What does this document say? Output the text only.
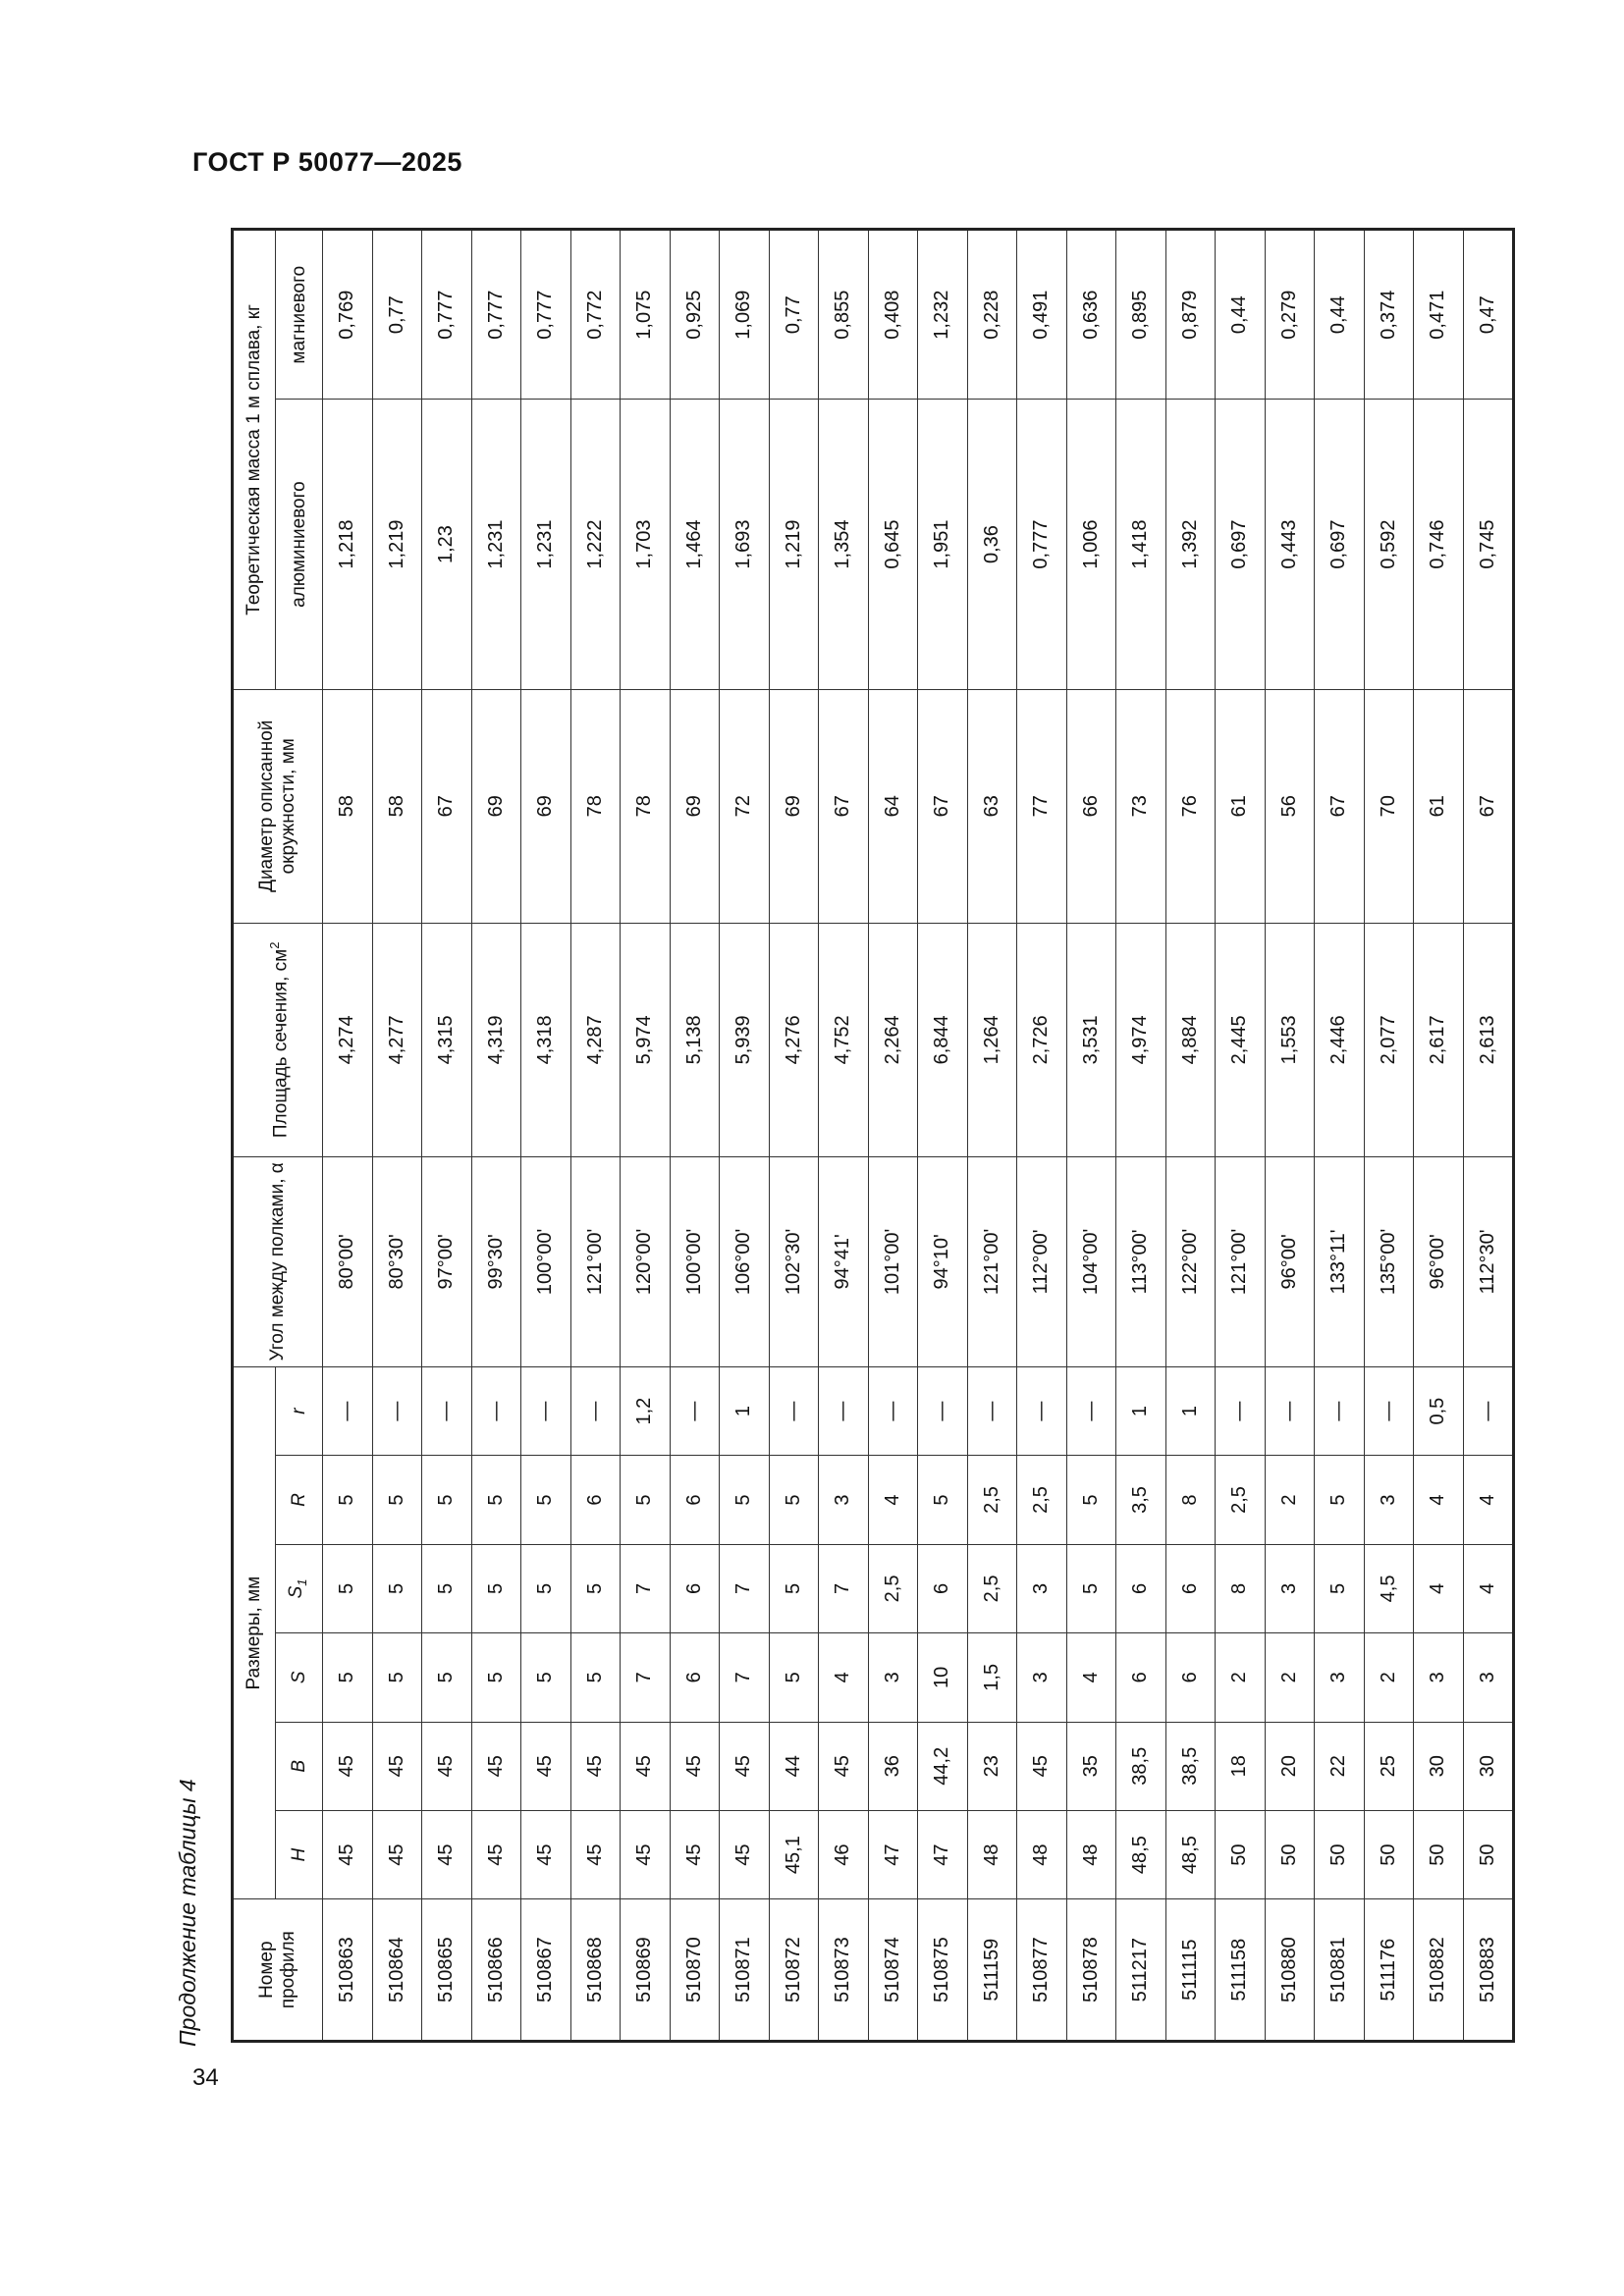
ГОСТ Р 50077—2025
Продолжение таблицы 4	Номер профиля	Размеры, мм						Угол между полками, α	Площадь сечения, $см^2$	Диаметр описанной окружности, мм	Теоретическая масса 1 м сплава, кг	
	H	B	S	$S_1$	R	r				алюминиевого	магниевого
510863	45	45	5	5	5	—	80°00'	4,274	58	1,218	0,769
510864	45	45	5	5	5	—	80°30'	4,277	58	1,219	0,77
510865	45	45	5	5	5	—	97°00'	4,315	67	1,23	0,777
510866	45	45	5	5	5	—	99°30'	4,319	69	1,231	0,777
510867	45	45	5	5	5	—	100°00'	4,318	69	1,231	0,777
510868	45	45	5	5	6	—	121°00'	4,287	78	1,222	0,772
510869	45	45	7	7	5	1,2	120°00'	5,974	78	1,703	1,075
510870	45	45	6	6	6	—	100°00'	5,138	69	1,464	0,925
510871	45	45	7	7	5	1	106°00'	5,939	72	1,693	1,069
510872	45,1	44	5	5	5	—	102°30'	4,276	69	1,219	0,77
510873	46	45	4	7	3	—	94°41'	4,752	67	1,354	0,855
510874	47	36	3	2,5	4	—	101°00'	2,264	64	0,645	0,408
510875	47	44,2	10	6	5	—	94°10'	6,844	67	1,951	1,232
511159	48	23	1,5	2,5	2,5	—	121°00'	1,264	63	0,36	0,228
510877	48	45	3	3	2,5	—	112°00'	2,726	77	0,777	0,491
510878	48	35	4	5	5	—	104°00'	3,531	66	1,006	0,636
511217	48,5	38,5	6	6	3,5	1	113°00'	4,974	73	1,418	0,895
511115	48,5	38,5	6	6	8	1	122°00'	4,884	76	1,392	0,879
511158	50	18	2	8	2,5	—	121°00'	2,445	61	0,697	0,44
510880	50	20	2	3	2	—	96°00'	1,553	56	0,443	0,279
510881	50	22	3	5	5	—	133°11'	2,446	67	0,697	0,44
511176	50	25	2	4,5	3	—	135°00'	2,077	70	0,592	0,374
510882	50	30	3	4	4	0,5	96°00'	2,617	61	0,746	0,471
510883	50	30	3	4	4	—	112°30'	2,613	67	0,745	0,47
34
